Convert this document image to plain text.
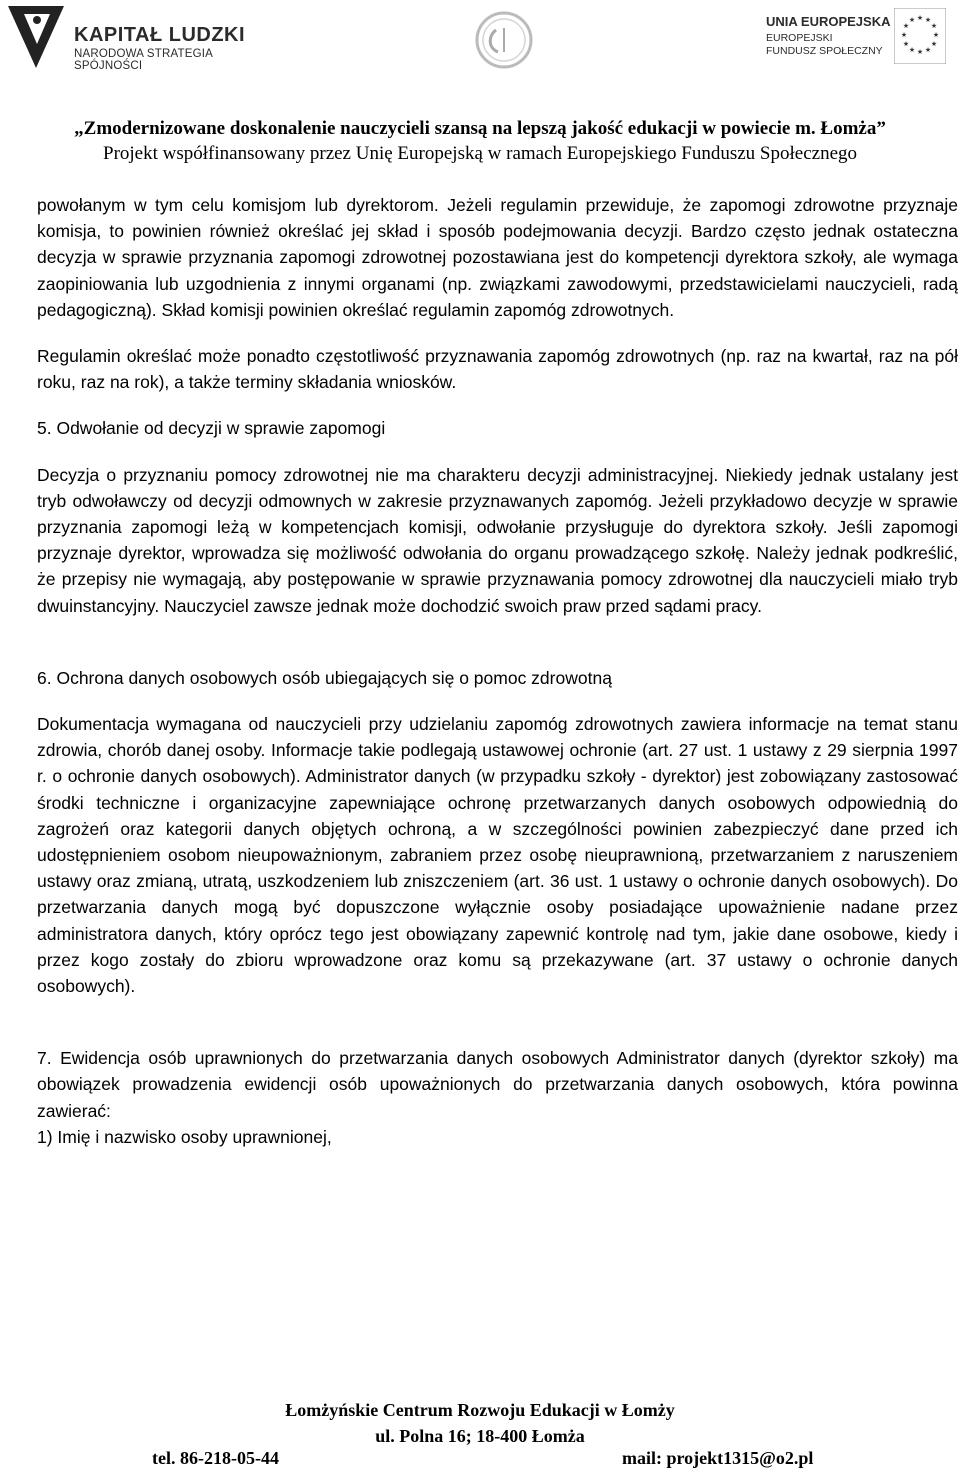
KAPITAŁ LUDZKI
NARODOWA STRATEGIA SPÓJNOŚCI
UNIA EUROPEJSKA
EUROPEJSKI
FUNDUSZ SPOŁECZNY
★ ★
★
★
★
★
★
★
★
★
★
★
„Zmodernizowane doskonalenie nauczycieli szansą na lepszą jakość edukacji w powiecie m. Łomża”
Projekt współfinansowany przez Unię Europejską w ramach Europejskiego Funduszu Społecznego

powołanym w tym celu komisjom lub dyrektorom. Jeżeli regulamin przewiduje, że zapomogi zdrowotne przyznaje komisja, to powinien również określać jej skład i sposób podejmowania decyzji. Bardzo często jednak ostateczna decyzja w sprawie przyznania zapomogi zdrowotnej pozostawiana jest do kompetencji dyrektora szkoły, ale wymaga zaopiniowania lub uzgodnienia z innymi organami (np. związkami zawodowymi, przedstawicielami nauczycieli, radą pedagogiczną). Skład komisji powinien określać regulamin zapomóg zdrowotnych.

Regulamin określać może ponadto częstotliwość przyznawania zapomóg zdrowotnych (np. raz na kwartał, raz na pół roku, raz na rok), a także terminy składania wniosków.

5. Odwołanie od decyzji w sprawie zapomogi

Decyzja o przyznaniu pomocy zdrowotnej nie ma charakteru decyzji administracyjnej. Niekiedy jednak ustalany jest tryb odwoławczy od decyzji odmownych w zakresie przyznawanych zapomóg. Jeżeli przykładowo decyzje w sprawie przyznania zapomogi leżą w kompetencjach komisji, odwołanie przysługuje do dyrektora szkoły. Jeśli zapomogi przyznaje dyrektor, wprowadza się możliwość odwołania do organu prowadzącego szkołę. Należy jednak podkreślić, że przepisy nie wymagają, aby postępowanie w sprawie przyznawania pomocy zdrowotnej dla nauczycieli miało tryb dwuinstancyjny. Nauczyciel zawsze jednak może dochodzić swoich praw przed sądami pracy.

6. Ochrona danych osobowych osób ubiegających się o pomoc zdrowotną

Dokumentacja wymagana od nauczycieli przy udzielaniu zapomóg zdrowotnych zawiera informacje na temat stanu zdrowia, chorób danej osoby. Informacje takie podlegają ustawowej ochronie (art. 27 ust. 1 ustawy z 29 sierpnia 1997 r. o ochronie danych osobowych). Administrator danych (w przypadku szkoły - dyrektor) jest zobowiązany zastosować środki techniczne i organizacyjne zapewniające ochronę przetwarzanych danych osobowych odpowiednią do zagrożeń oraz kategorii danych objętych ochroną, a w szczególności powinien zabezpieczyć dane przed ich udostępnieniem osobom nieupoważnionym, zabraniem przez osobę nieuprawnioną, przetwarzaniem z naruszeniem ustawy oraz zmianą, utratą, uszkodzeniem lub zniszczeniem (art. 36 ust. 1 ustawy o ochronie danych osobowych). Do przetwarzania danych mogą być dopuszczone wyłącznie osoby posiadające upoważnienie nadane przez administratora danych, który oprócz tego jest obowiązany zapewnić kontrolę nad tym, jakie dane osobowe, kiedy i przez kogo zostały do zbioru wprowadzone oraz komu są przekazywane (art. 37 ustawy o ochronie danych osobowych).

7. Ewidencja osób uprawnionych do przetwarzania danych osobowych Administrator danych (dyrektor szkoły) ma obowiązek prowadzenia ewidencji osób upoważnionych do przetwarzania danych osobowych, która powinna zawierać:

1) Imię i nazwisko osoby uprawnionej,

Łomżyńskie Centrum Rozwoju Edukacji w Łomży
ul. Polna 16; 18-400 Łomża
tel. 86-218-05-44	mail: projekt1315@o2.pl
